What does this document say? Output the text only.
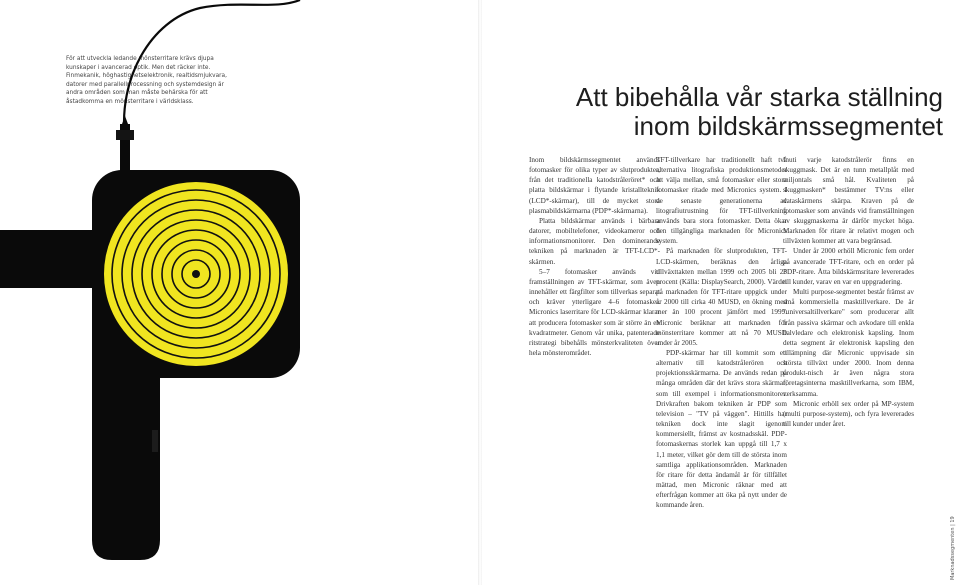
För att utveckla ledande mönsterritare krävs djupa kunskaper i avancerad optik. Men det räcker inte. Finmekanik, höghastighetselektronik, realtidsmjukvara, datorer med parallellprocessning och systemdesign är andra områden som man måste behärska för att åstadkomma en mönsterritare i världsklass.	Att bibehålla vår starka ställning
inom bildskärmssegmentet

Inom bildskärmssegmentet används fotomasker för olika typer av slutprodukter, från det traditionella katodstråleröret* och platta bildskärmar i flytande kristallteknik (LCD*-skärmar), till de mycket stora plasmabildskärmarna (PDP*-skärmarna).

Platta bildskärmar används i bärbara datorer, mobiltelefoner, videokameror och informationsmonitorer. Den dominerande tekniken på marknaden är TFT-LCD*-skärmen.

5–7 fotomasker används vid framställningen av TFT-skärmar, som även innehåller ett färgfilter som tillverkas separat och kräver ytterligare 4–6 fotomasker. Micronics laserritare för LCD-skärmar klarar att producera fotomasker som är större än en kvadratmeter. Genom vår unika, patenterade ritstrategi bibehålls mönsterkvaliteten över hela mönsterområdet.

TFT-tillverkare har traditionellt haft två alternativa litografiska produktionsmetoder att välja mellan, små fotomasker eller stora fotomasker ritade med Micronics system. I de senaste generationerna av litografiutrustning för TFT-tillverkning används bara stora fotomasker. Detta ökar den tillgängliga marknaden för Micronics system.

På marknaden för slutprodukten, TFT-LCD-skärmen, beräknas den årliga tillväxttakten mellan 1999 och 2005 bli 23 procent (Källa: DisplaySearch, 2000). Värdet på marknaden för TFT-ritare uppgick under år 2000 till cirka 40 MUSD, en ökning med mer än 100 procent jämfört med 1999. Micronic beräknar att marknaden för mönsterritare kommer att nå 70 MUSD under år 2005.

PDP-skärmar har till kommit som ett alternativ till katodstrålerören och projektionsskärmarna. De används redan på många områden där det krävs stora skärmar, som till exempel i informationsmonitorer. Drivkraften bakom tekniken är PDP som television – "TV på väggen". Hittills har tekniken dock inte slagit igenom kommersiellt, främst av kostnadsskäl. PDP-fotomaskernas storlek kan uppgå till 1,7 x 1,1 meter, vilket gör dem till de största inom samtliga applikationsområden. Marknaden för ritare för detta ändamål är för tillfället mättad, men Micronic räknar med att efterfrågan kommer att öka på nytt under de kommande åren.

Inuti varje katodstrålerör finns en skuggmask. Det är en tunn metallplåt med miljontals små hål. Kvaliteten på skuggmasken* bestämmer TV:ns eller dataskärmens skärpa. Kraven på de fotomasker som används vid framställningen av skuggmaskerna är därför mycket höga. Marknaden för ritare är relativt mogen och tillväxten kommer att vara begränsad.

Under år 2000 erhöll Micronic fem order på avancerade TFT-ritare, och en order på PDP-ritare. Åtta bildskärmsritare levererades till kunder, varav en var en uppgradering.

Multi purpose-segmentet består främst av små kommersiella masktillverkare. De är "universaltillverkare" som producerar allt från passiva skärmar och avkodare till enkla halvledare och elektronisk kapsling. Inom detta segment är elektronisk kapsling den tillämpning där Micronic uppvisade sin största tillväxt under 2000. Inom denna produkt-nisch är även några stora företagsinterna masktillverkarna, som IBM, verksamma.

Micronic erhöll sex order på MP-system (multi purpose-system), och fyra levererades till kunder under året.

Marknadssegmenten | 19
